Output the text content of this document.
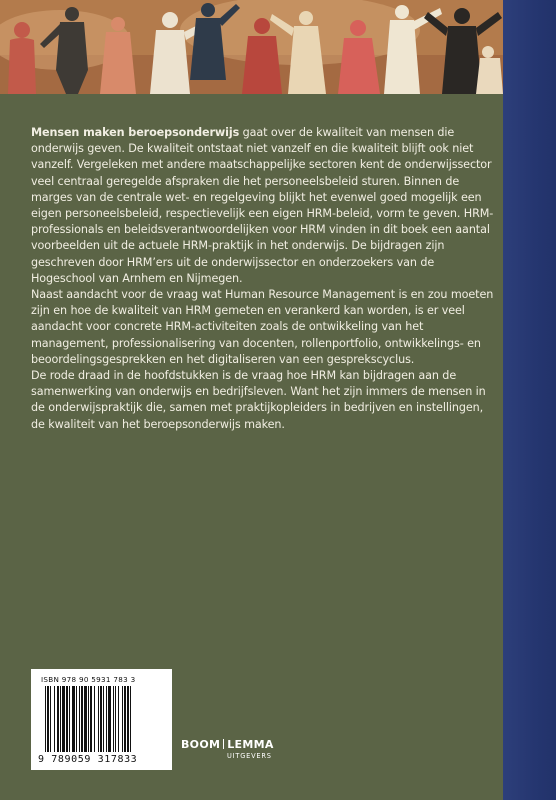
Mensen maken beroepsonderwijs gaat over de kwaliteit van mensen die onderwijs geven. De kwaliteit ontstaat niet vanzelf en die kwaliteit blijft ook niet vanzelf. Vergeleken met andere maatschappelijke sectoren kent de onderwijssector veel centraal geregelde afspraken die het personeelsbeleid sturen. Binnen de marges van de centrale wet- en regelgeving blijkt het evenwel goed mogelijk een eigen personeelsbeleid, respectievelijk een eigen HRM-beleid, vorm te geven. HRM-professionals en beleidsverantwoordelijken voor HRM vinden in dit boek een aantal voorbeelden uit de actuele HRM-praktijk in het onderwijs. De bijdragen zijn geschreven door HRM’ers uit de onderwijssector en onderzoekers van de Hogeschool van Arnhem en Nijmegen.

Naast aandacht voor de vraag wat Human Resource Management is en zou moeten zijn en hoe de kwaliteit van HRM gemeten en verankerd kan worden, is er veel aandacht voor concrete HRM-activiteiten zoals de ontwikkeling van het management, professionalisering van docenten, rollenportfolio, ontwikkelings- en beoordelingsgesprekken en het digitaliseren van een gesprekscyclus.

De rode draad in de hoofdstukken is de vraag hoe HRM kan bijdragen aan de samenwerking van onderwijs en bedrijfsleven. Want het zijn immers de mensen in de onderwijspraktijk die, samen met praktijkopleiders in bedrijven en instellingen, de kwaliteit van het beroepsonderwijs maken.

ISBN 978 90 5931 783 3
9 789059 317833
BOOM LEMMA
UITGEVERS
